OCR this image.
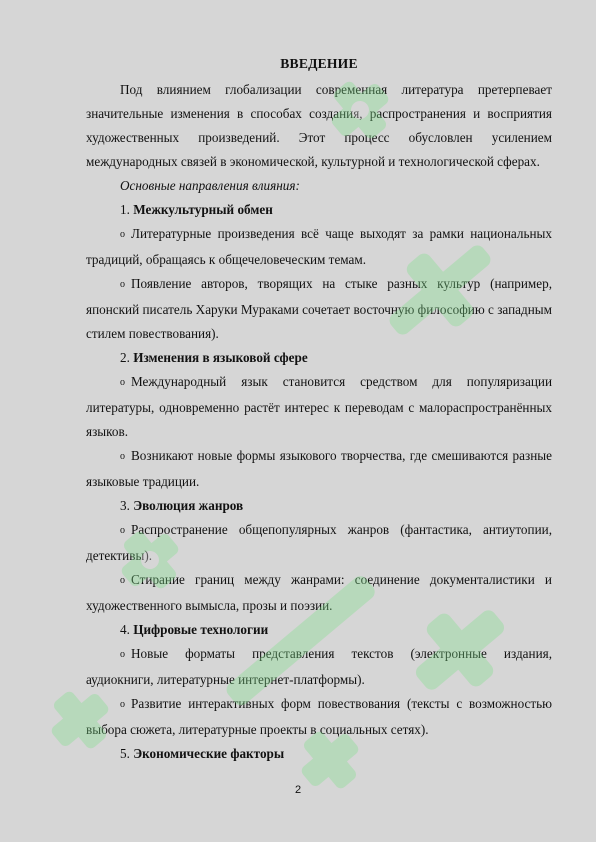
ВВЕДЕНИЕ

Под влиянием глобализации современная литература претерпевает значительные изменения в способах создания, распространения и восприятия художественных произведений. Этот процесс обусловлен усилением международных связей в экономической, культурной и технологической сферах.

Основные направления влияния:

1. Межкультурный обмен

o Литературные произведения всё чаще выходят за рамки национальных традиций, обращаясь к общечеловеческим темам.

o Появление авторов, творящих на стыке разных культур (например, японский писатель Харуки Мураками сочетает восточную философию с западным стилем повествования).

2. Изменения в языковой сфере

o Международный язык становится средством для популяризации литературы, одновременно растёт интерес к переводам с малораспространённых языков.

o Возникают новые формы языкового творчества, где смешиваются разные языковые традиции.

3. Эволюция жанров

o Распространение общепопулярных жанров (фантастика, антиутопии, детективы).

o Стирание границ между жанрами: соединение документалистики и художественного вымысла, прозы и поэзии.

4. Цифровые технологии

o Новые форматы представления текстов (электронные издания, аудиокниги, литературные интернет-платформы).

o Развитие интерактивных форм повествования (тексты с возможностью выбора сюжета, литературные проекты в социальных сетях).

5. Экономические факторы

2
